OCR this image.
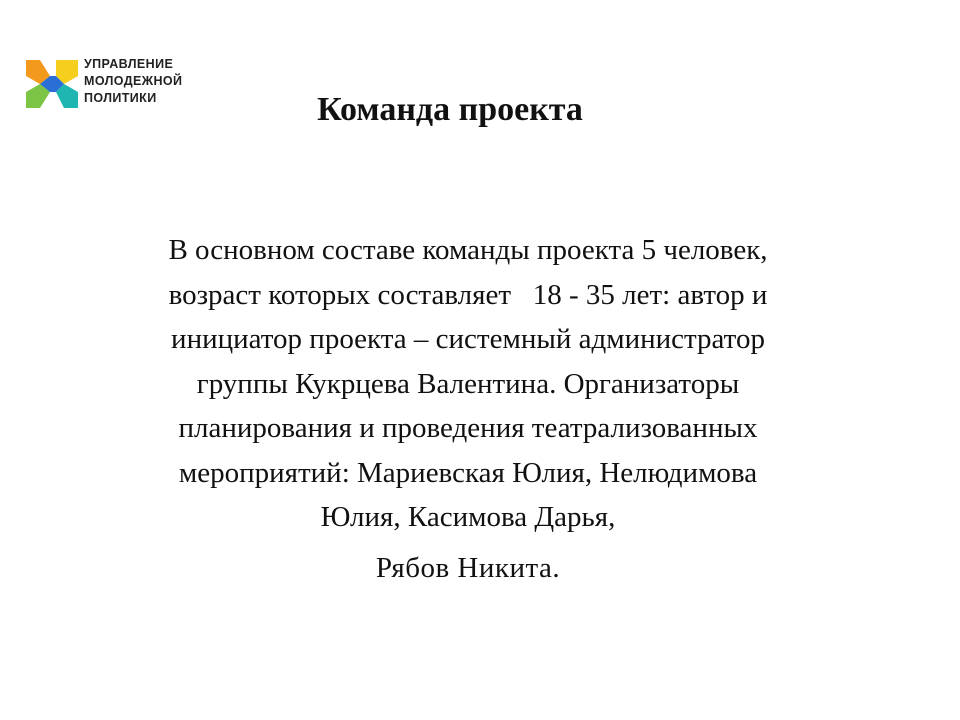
УПРАВЛЕНИЕ
МОЛОДЕЖНОЙ
ПОЛИТИКИ	Команда проекта

В основном составе команды проекта 5 человек,

возраст которых составляет   18 - 35 лет: автор и

инициатор проекта – системный администратор

группы Кукрцева Валентина. Организаторы

планирования и проведения театрализованных

мероприятий: Мариевская Юлия, Нелюдимова

Юлия, Касимова Дарья,

Рябов Никита.
